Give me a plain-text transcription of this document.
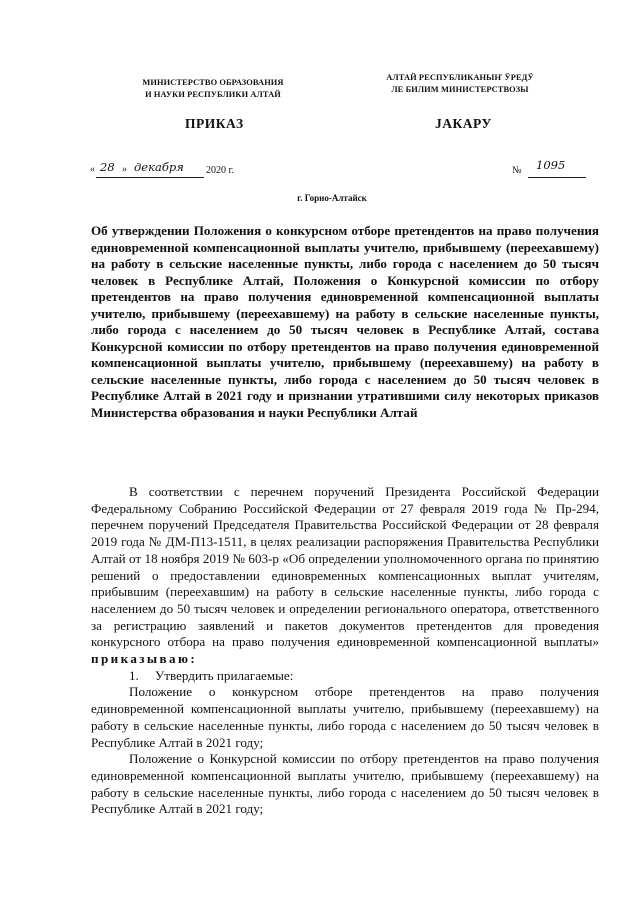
МИНИСТЕРСТВО ОБРАЗОВАНИЯ
И НАУКИ РЕСПУБЛИКИ АЛТАЙ
АЛТАЙ РЕСПУБЛИКАНЫҤ ӰРЕДӰ
ЛЕ БИЛИМ МИНИСТЕРСТВОЗЫ
ПРИКАЗ	JАКАРУ
« 28 » декабря 2020 г.	№ 1095
г. Горно-Алтайск
Об утверждении Положения о конкурсном отборе претендентов на право получения единовременной компенсационной выплаты учителю, прибывшему (переехавшему) на работу в сельские населенные пункты, либо города с населением до 50 тысяч человек в Республике Алтай, Положения о Конкурсной комиссии по отбору претендентов на право получения единовременной компенсационной выплаты учителю, прибывшему (переехавшему) на работу в сельские населенные пункты, либо города с населением до 50 тысяч человек в Республике Алтай, состава Конкурсной комиссии по отбору претендентов на право получения единовременной компенсационной выплаты учителю, прибывшему (переехавшему) на работу в сельские населенные пункты, либо города с населением до 50 тысяч человек в Республике Алтай в 2021 году и признании утратившими силу некоторых приказов Министерства образования и науки Республики Алтай

В соответствии с перечнем поручений Президента Российской Федерации Федеральному Собранию Российской Федерации от 27 февраля 2019 года № Пр-294, перечнем поручений Председателя Правительства Российской Федерации от 28 февраля 2019 года № ДМ-П13-1511, в целях реализации распоряжения Правительства Республики Алтай от 18 ноября 2019 № 603-р «Об определении уполномоченного органа по принятию решений о предоставлении единовременных компенсационных выплат учителям, прибывшим (переехавшим) на работу в сельские населенные пункты, либо города с населением до 50 тысяч человек и определении регионального оператора, ответственного за регистрацию заявлений и пакетов документов претендентов для проведения конкурсного отбора на право получения единовременной компенсационной выплаты» приказываю:

1. Утвердить прилагаемые:

Положение о конкурсном отборе претендентов на право получения единовременной компенсационной выплаты учителю, прибывшему (переехавшему) на работу в сельские населенные пункты, либо города с населением до 50 тысяч человек в Республике Алтай в 2021 году;

Положение о Конкурсной комиссии по отбору претендентов на право получения единовременной компенсационной выплаты учителю, прибывшему (переехавшему) на работу в сельские населенные пункты, либо города с населением до 50 тысяч человек в Республике Алтай в 2021 году;
